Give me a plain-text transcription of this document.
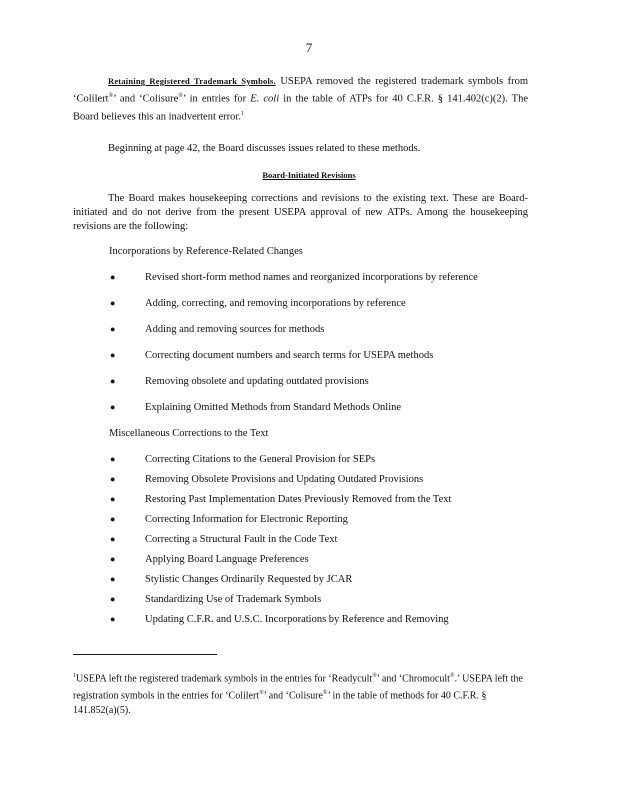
7

Retaining Registered Trademark Symbols. USEPA removed the registered trademark symbols from ‘Colilert®’ and ‘Colisure®’ in entries for E. coli in the table of ATPs for 40 C.F.R. § 141.402(c)(2). The Board believes this an inadvertent error.$^1$

Beginning at page 42, the Board discusses issues related to these methods.

Board-Initiated Revisions

The Board makes housekeeping corrections and revisions to the existing text. These are Board-initiated and do not derive from the present USEPA approval of new ATPs. Among the housekeeping revisions are the following:

Incorporations by Reference-Related Changes
●	Revised short-form method names and reorganized incorporations by reference
●	Adding, correcting, and removing incorporations by reference
●	Adding and removing sources for methods
●	Correcting document numbers and search terms for USEPA methods
●	Removing obsolete and updating outdated provisions
●	Explaining Omitted Methods from Standard Methods Online
Miscellaneous Corrections to the Text
●	Correcting Citations to the General Provision for SEPs
●	Removing Obsolete Provisions and Updating Outdated Provisions
●	Restoring Past Implementation Dates Previously Removed from the Text
●	Correcting Information for Electronic Reporting
●	Correcting a Structural Fault in the Code Text
●	Applying Board Language Preferences
●	Stylistic Changes Ordinarily Requested by JCAR
●	Standardizing Use of Trademark Symbols
●	Updating C.F.R. and U.S.C. Incorporations by Reference and Removing
$^1$USEPA left the registered trademark symbols in the entries for ‘Readycult®’ and ‘Chromocult®.’ USEPA left the registration symbols in the entries for ‘Colilert®’ and ‘Colisure®’ in the table of methods for 40 C.F.R. § 141.852(a)(5).
